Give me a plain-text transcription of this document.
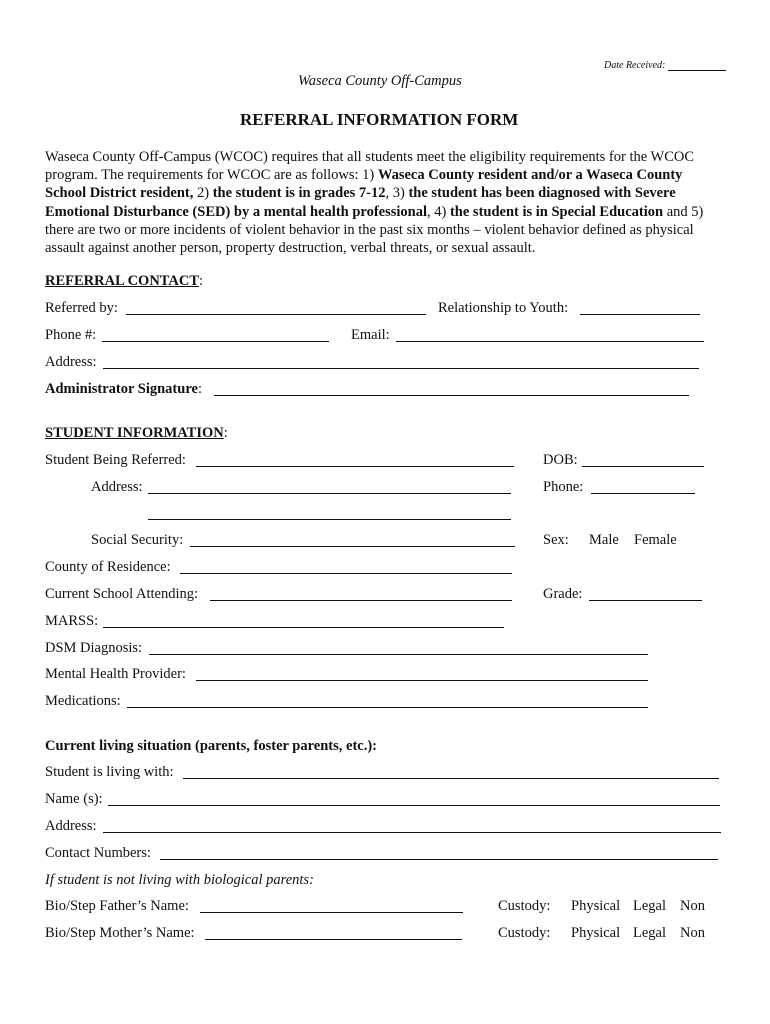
Date Received:
Waseca County Off-Campus
REFERRAL INFORMATION FORM
Waseca County Off-Campus (WCOC) requires that all students meet the eligibility requirements for the WCOC program. The requirements for WCOC are as follows: 1) Waseca County resident and/or a Waseca County School District resident, 2) the student is in grades 7-12, 3) the student has been diagnosed with Severe Emotional Disturbance (SED) by a mental health professional, 4) the student is in Special Education and 5) there are two or more incidents of violent behavior in the past six months – violent behavior defined as physical assault against another person, property destruction, verbal threats, or sexual assault.
REFERRAL CONTACT:
Referred by:	Relationship to Youth:
Phone #:	Email:
Address:
Administrator Signature:
STUDENT INFORMATION:
Student Being Referred:	DOB:
Address:	Phone:
Social Security:	Sex: Male Female
County of Residence:
Current School Attending:	Grade:
MARSS:
DSM Diagnosis:
Mental Health Provider:
Medications:
Current living situation (parents, foster parents, etc.):
Student is living with:
Name (s):
Address:
Contact Numbers:
If student is not living with biological parents:
Bio/Step Father’s Name:	Custody: Physical Legal Non
Bio/Step Mother’s Name:	Custody: Physical Legal Non
